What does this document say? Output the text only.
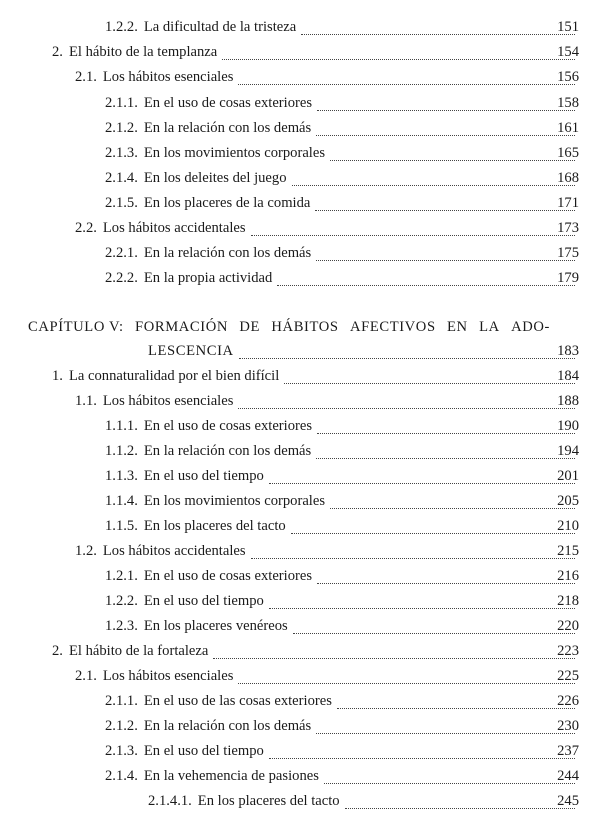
1.2.2. La dificultad de la tristeza	151
2. El hábito de la templanza	154
2.1. Los hábitos esenciales	156
2.1.1. En el uso de cosas exteriores	158
2.1.2. En la relación con los demás	161
2.1.3. En los movimientos corporales	165
2.1.4. En los deleites del juego	168
2.1.5. En los placeres de la comida	171
2.2. Los hábitos accidentales	173
2.2.1. En la relación con los demás	175
2.2.2. En la propia actividad	179
CAPÍTULO V: FORMACIÓN DE HÁBITOS AFECTIVOS EN LA ADO-
LESCENCIA	183
1. La connaturalidad por el bien difícil	184
1.1. Los hábitos esenciales	188
1.1.1. En el uso de cosas exteriores	190
1.1.2. En la relación con los demás	194
1.1.3. En el uso del tiempo	201
1.1.4. En los movimientos corporales	205
1.1.5. En los placeres del tacto	210
1.2. Los hábitos accidentales	215
1.2.1. En el uso de cosas exteriores	216
1.2.2. En el uso del tiempo	218
1.2.3. En los placeres venéreos	220
2. El hábito de la fortaleza	223
2.1. Los hábitos esenciales	225
2.1.1. En el uso de las cosas exteriores	226
2.1.2. En la relación con los demás	230
2.1.3. En el uso del tiempo	237
2.1.4. En la vehemencia de pasiones	244
2.1.4.1. En los placeres del tacto	245
